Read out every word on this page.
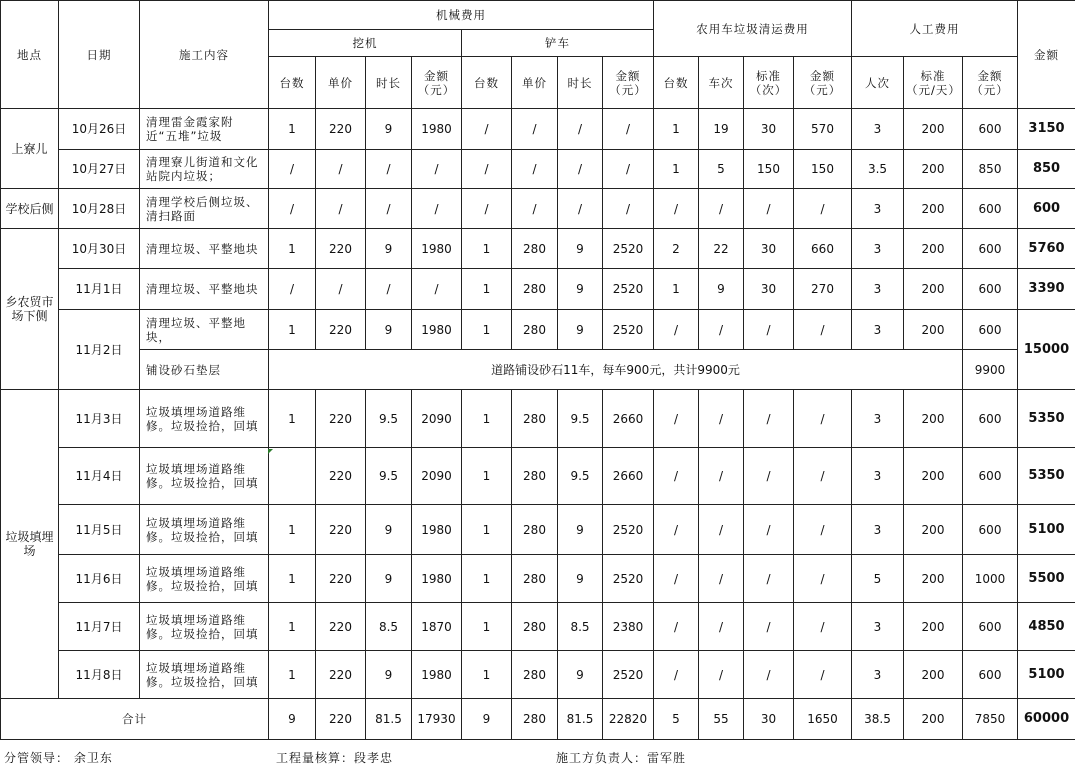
地点	日期	施工内容	机械费用								农用车垃圾清运费用				人工费用			金额
			挖机				铲车											
			台数	单价	时长	金额（元）	台数	单价	时长	金额（元）	台数	车次	标准（次）	金额（元）	人次	标准（元/天）	金额（元）	
上寮儿	10月26日	清理雷金霞家附近“五堆”垃圾	1	220	9	1980	/	/	/	/	1	19	30	570	3	200	600	3150
	10月27日	清理寮儿街道和文化站院内垃圾；	/	/	/	/	/	/	/	/	1	5	150	150	3.5	200	850	850
学校后侧	10月28日	清理学校后侧垃圾、清扫路面	/	/	/	/	/	/	/	/	/	/	/	/	3	200	600	600
乡农贸市场下侧	10月30日	清理垃圾、平整地块	1	220	9	1980	1	280	9	2520	2	22	30	660	3	200	600	5760
	11月1日	清理垃圾、平整地块	/	/	/	/	1	280	9	2520	1	9	30	270	3	200	600	3390
	11月2日	清理垃圾、平整地块，	1	220	9	1980	1	280	9	2520	/	/	/	/	3	200	600	15000
		铺设砂石垫层	道路铺设砂石11车，每车900元，共计9900元														9900	
垃圾填埋场	11月3日	垃圾填埋场道路维修。垃圾捡拾，回填	1	220	9.5	2090	1	280	9.5	2660	/	/	/	/	3	200	600	5350
	11月4日	垃圾填埋场道路维修。垃圾捡拾，回填		220	9.5	2090	1	280	9.5	2660	/	/	/	/	3	200	600	5350
	11月5日	垃圾填埋场道路维修。垃圾捡拾，回填	1	220	9	1980	1	280	9	2520	/	/	/	/	3	200	600	5100
	11月6日	垃圾填埋场道路维修。垃圾捡拾，回填	1	220	9	1980	1	280	9	2520	/	/	/	/	5	200	1000	5500
	11月7日	垃圾填埋场道路维修。垃圾捡拾，回填	1	220	8.5	1870	1	280	8.5	2380	/	/	/	/	3	200	600	4850
	11月8日	垃圾填埋场道路维修。垃圾捡拾，回填	1	220	9	1980	1	280	9	2520	/	/	/	/	3	200	600	5100
合计			9	220	81.5	17930	9	280	81.5	22820	5	55	30	1650	38.5	200	7850	60000
分管领导： 余卫东	工程量核算：段孝忠	施工方负责人：雷军胜
